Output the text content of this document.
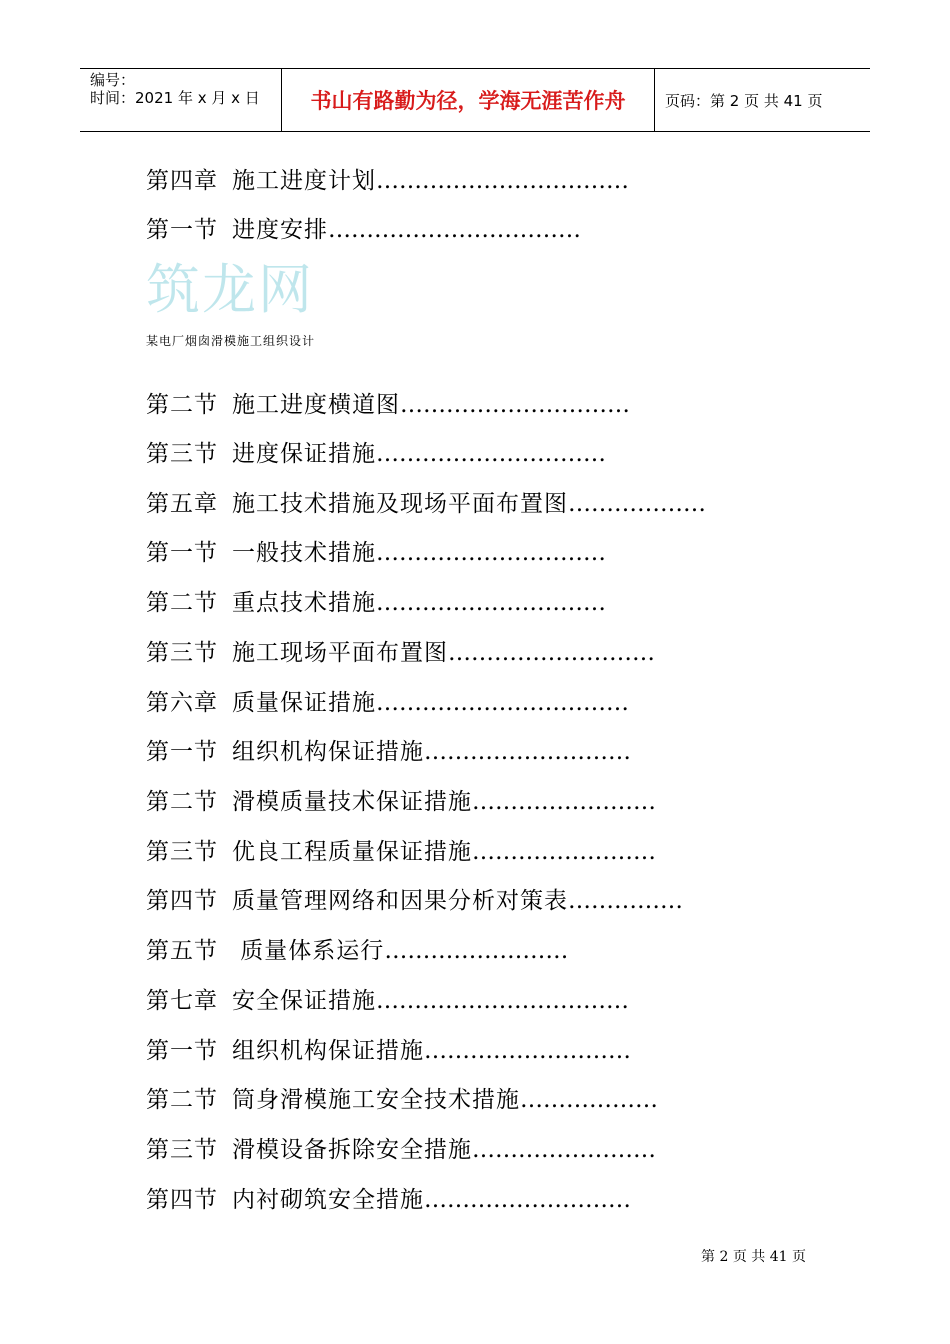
编号：
时间：2021 年 x 月 x 日 书山有路勤为径，学海无涯苦作舟	页码：第 2 页 共 41 页
筑龙网
某电厂烟囱滑模施工组织设计
第四章 施工进度计划……………………………
第一节 进度安排……………………………
第二节 施工进度横道图…………………………
第三节 进度保证措施…………………………
第五章 施工技术措施及现场平面布置图………………
第一节 一般技术措施…………………………
第二节 重点技术措施…………………………
第三节 施工现场平面布置图………………………
第六章 质量保证措施……………………………
第一节 组织机构保证措施………………………
第二节 滑模质量技术保证措施……………………
第三节 优良工程质量保证措施……………………
第四节 质量管理网络和因果分析对策表……………
第五节 质量体系运行……………………
第七章 安全保证措施……………………………
第一节 组织机构保证措施………………………
第二节 筒身滑模施工安全技术措施………………
第三节 滑模设备拆除安全措施……………………
第四节 内衬砌筑安全措施………………………
第 2 页 共 41 页
